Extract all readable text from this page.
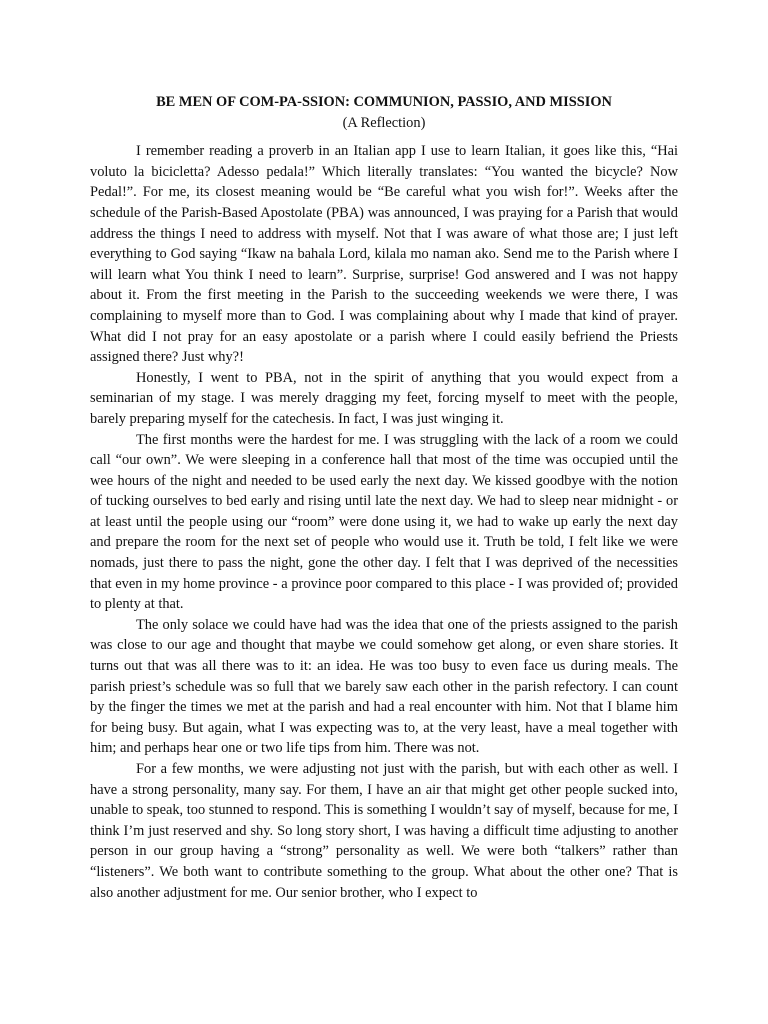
BE MEN OF COM-PA-SSION: COMMUNION, PASSIO, AND MISSION

(A Reflection)

I remember reading a proverb in an Italian app I use to learn Italian, it goes like this, “Hai voluto la bicicletta? Adesso pedala!” Which literally translates: “You wanted the bicycle? Now Pedal!”. For me, its closest meaning would be “Be careful what you wish for!”. Weeks after the schedule of the Parish-Based Apostolate (PBA) was announced, I was praying for a Parish that would address the things I need to address with myself. Not that I was aware of what those are; I just left everything to God saying “Ikaw na bahala Lord, kilala mo naman ako. Send me to the Parish where I will learn what You think I need to learn”. Surprise, surprise! God answered and I was not happy about it. From the first meeting in the Parish to the succeeding weekends we were there, I was complaining to myself more than to God. I was complaining about why I made that kind of prayer. What did I not pray for an easy apostolate or a parish where I could easily befriend the Priests assigned there? Just why?!

Honestly, I went to PBA, not in the spirit of anything that you would expect from a seminarian of my stage. I was merely dragging my feet, forcing myself to meet with the people, barely preparing myself for the catechesis. In fact, I was just winging it.

The first months were the hardest for me. I was struggling with the lack of a room we could call “our own”. We were sleeping in a conference hall that most of the time was occupied until the wee hours of the night and needed to be used early the next day. We kissed goodbye with the notion of tucking ourselves to bed early and rising until late the next day. We had to sleep near midnight - or at least until the people using our “room” were done using it, we had to wake up early the next day and prepare the room for the next set of people who would use it. Truth be told, I felt like we were nomads, just there to pass the night, gone the other day. I felt that I was deprived of the necessities that even in my home province - a province poor compared to this place - I was provided of; provided to plenty at that.

The only solace we could have had was the idea that one of the priests assigned to the parish was close to our age and thought that maybe we could somehow get along, or even share stories. It turns out that was all there was to it: an idea. He was too busy to even face us during meals. The parish priest’s schedule was so full that we barely saw each other in the parish refectory. I can count by the finger the times we met at the parish and had a real encounter with him. Not that I blame him for being busy. But again, what I was expecting was to, at the very least, have a meal together with him; and perhaps hear one or two life tips from him. There was not.

For a few months, we were adjusting not just with the parish, but with each other as well. I have a strong personality, many say. For them, I have an air that might get other people sucked into, unable to speak, too stunned to respond. This is something I wouldn’t say of myself, because for me, I think I’m just reserved and shy. So long story short, I was having a difficult time adjusting to another person in our group having a “strong” personality as well. We were both “talkers” rather than “listeners”. We both want to contribute something to the group. What about the other one? That is also another adjustment for me. Our senior brother, who I expect to
